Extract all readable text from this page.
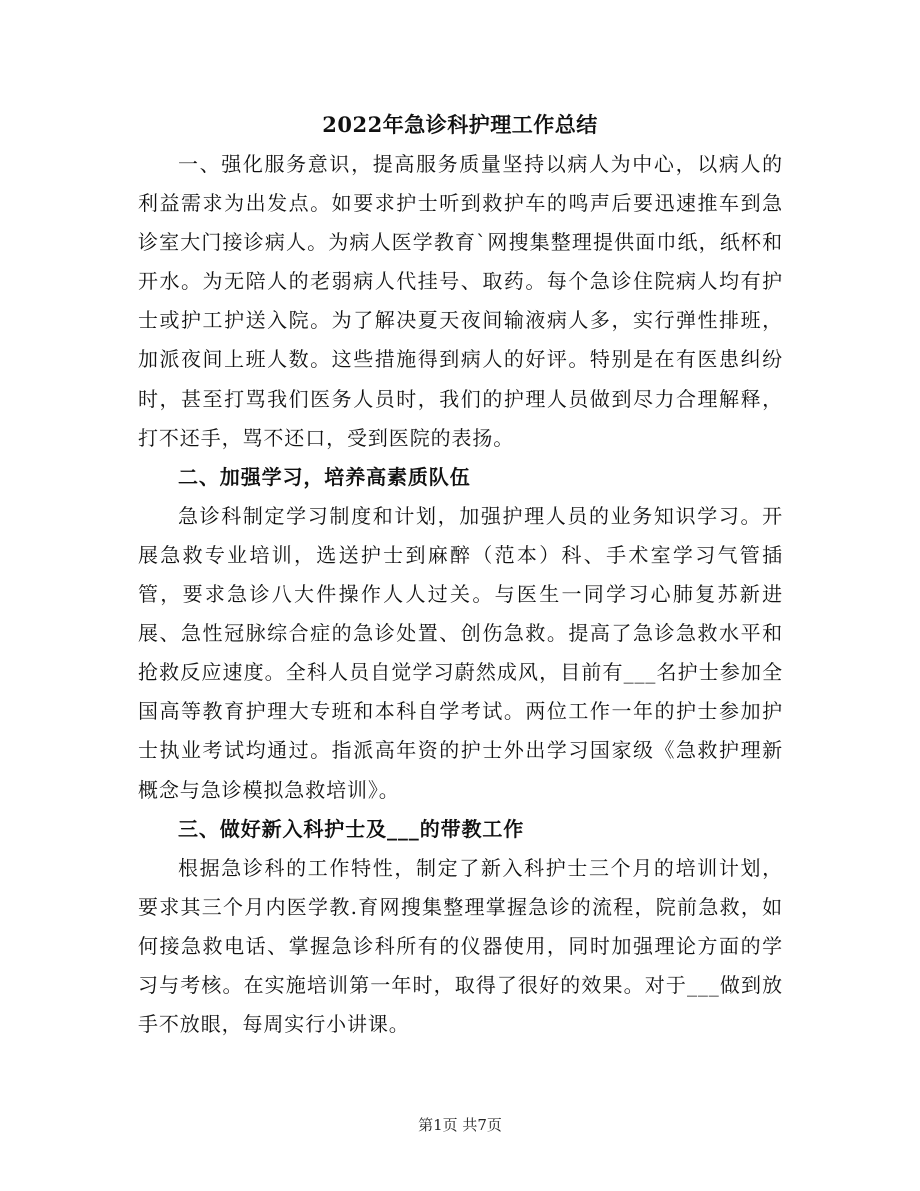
2022年急诊科护理工作总结

一、强化服务意识，提高服务质量坚持以病人为中心，以病人的利益需求为出发点。如要求护士听到救护车的鸣声后要迅速推车到急诊室大门接诊病人。为病人医学教育`网搜集整理提供面巾纸，纸杯和开水。为无陪人的老弱病人代挂号、取药。每个急诊住院病人均有护士或护工护送入院。为了解决夏天夜间输液病人多，实行弹性排班，加派夜间上班人数。这些措施得到病人的好评。特别是在有医患纠纷时，甚至打骂我们医务人员时，我们的护理人员做到尽力合理解释，打不还手，骂不还口，受到医院的表扬。

二、加强学习，培养高素质队伍

急诊科制定学习制度和计划，加强护理人员的业务知识学习。开展急救专业培训，选送护士到麻醉（范本）科、手术室学习气管插管，要求急诊八大件操作人人过关。与医生一同学习心肺复苏新进展、急性冠脉综合症的急诊处置、创伤急救。提高了急诊急救水平和抢救反应速度。全科人员自觉学习蔚然成风，目前有___名护士参加全国高等教育护理大专班和本科自学考试。两位工作一年的护士参加护士执业考试均通过。指派高年资的护士外出学习国家级《急救护理新概念与急诊模拟急救培训》。

三、做好新入科护士及___的带教工作

根据急诊科的工作特性，制定了新入科护士三个月的培训计划，要求其三个月内医学教.育网搜集整理掌握急诊的流程，院前急救，如何接急救电话、掌握急诊科所有的仪器使用，同时加强理论方面的学习与考核。在实施培训第一年时，取得了很好的效果。对于___做到放手不放眼，每周实行小讲课。

第1页 共7页
